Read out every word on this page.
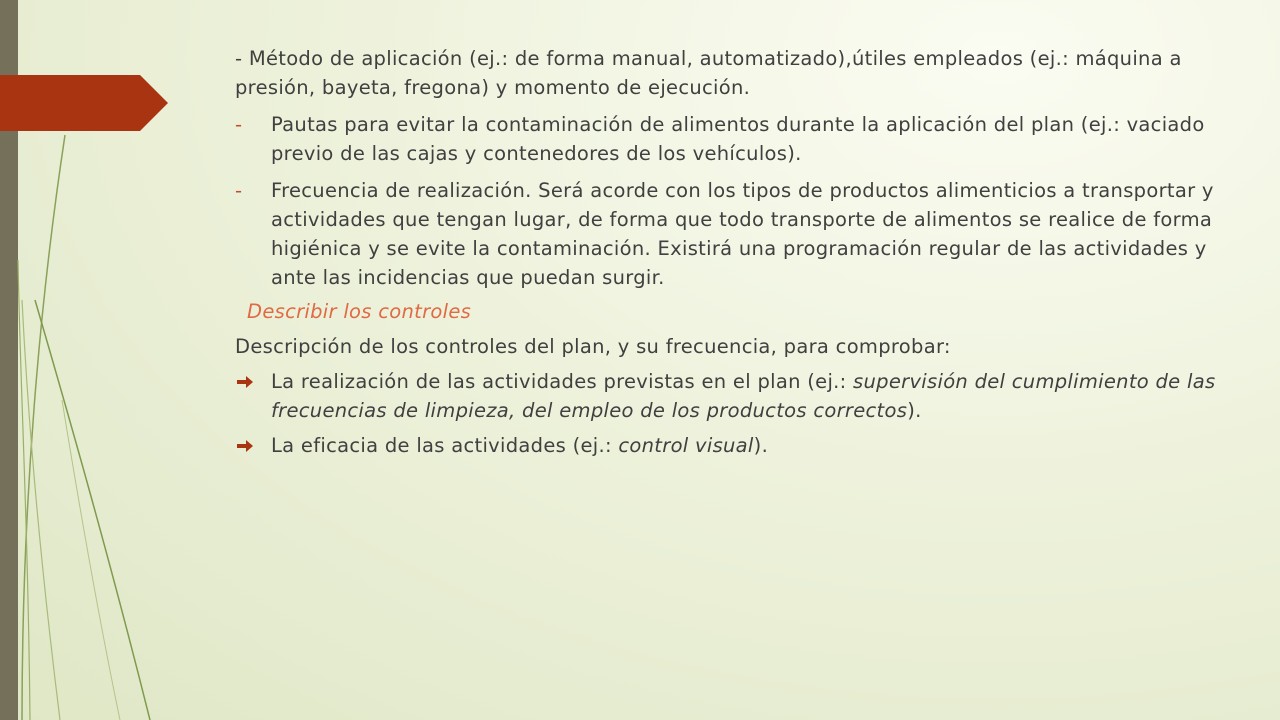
- Método de aplicación (ej.: de forma manual, automatizado),útiles empleados (ej.: máquina a presión, bayeta, fregona) y momento de ejecución.

- Pautas para evitar la contaminación de alimentos durante la aplicación del plan (ej.: vaciado previo de las cajas y contenedores de los vehículos).
- Frecuencia de realización. Será acorde con los tipos de productos alimenticios a transportar y actividades que tengan lugar, de forma que todo transporte de alimentos se realice de forma higiénica y se evite la contaminación. Existirá una programación regular de las actividades y ante las incidencias que puedan surgir.

Describir los controles

Descripción de los controles del plan, y su frecuencia, para comprobar:

La realización de las actividades previstas en el plan (ej.: supervisión del cumplimiento de las frecuencias de limpieza, del empleo de los productos correctos).
La eficacia de las actividades (ej.: control visual).
